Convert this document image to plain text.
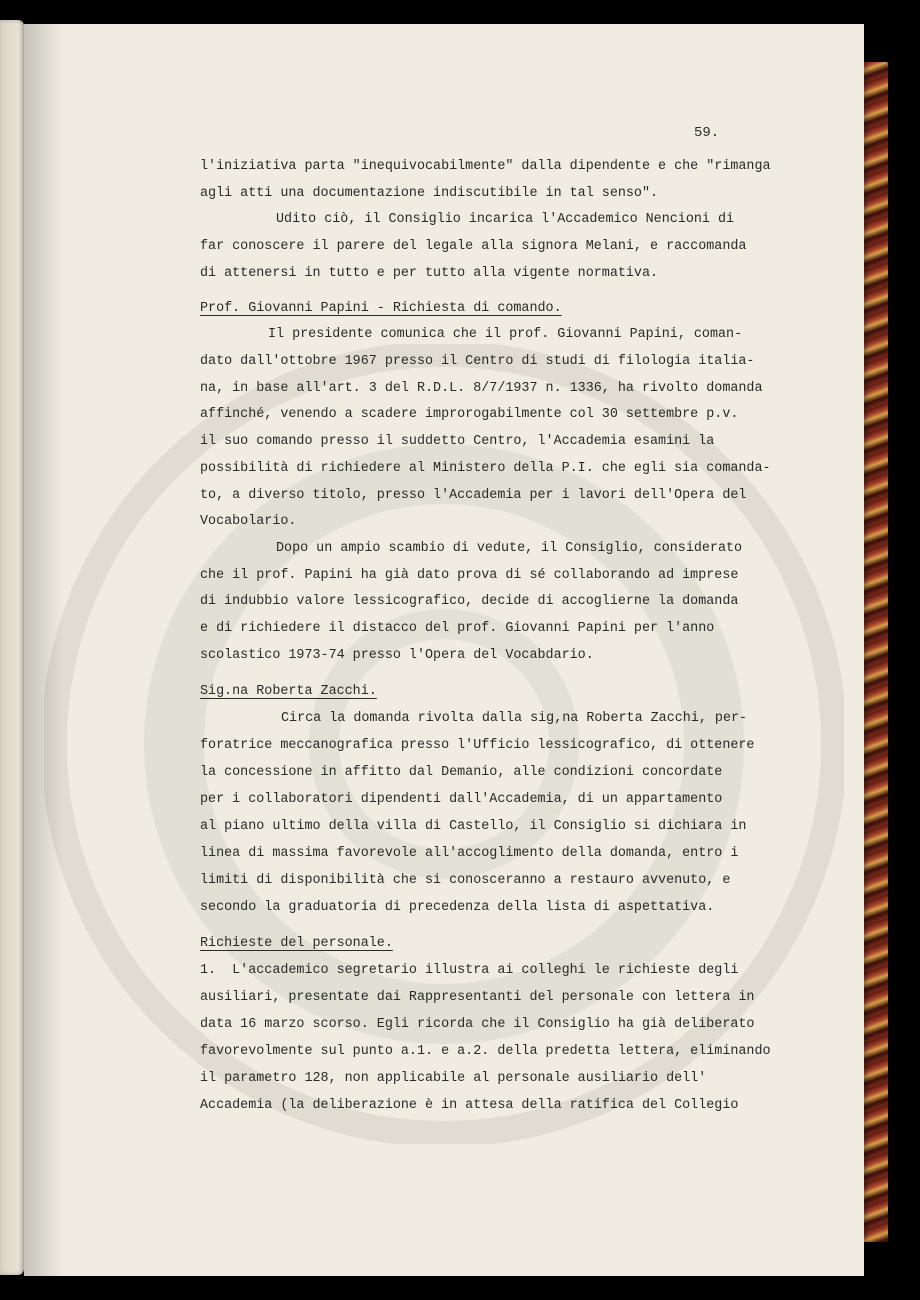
59.
l'iniziativa parta "inequivocabilmente" dalla dipendente e che "rimanga
agli atti una documentazione indiscutibile in tal senso".
Udito ciò, il Consiglio incarica l'Accademico Nencioni di
far conoscere il parere del legale alla signora Melani, e raccomanda
di attenersi in tutto e per tutto alla vigente normativa.
Prof. Giovanni Papini - Richiesta di comando.
Il presidente comunica che il prof. Giovanni Papini, coman-
dato dall'ottobre 1967 presso il Centro di studi di filologia italia-
na, in base all'art. 3 del R.D.L. 8/7/1937 n. 1336, ha rivolto domanda
affinché, venendo a scadere improrogabilmente col 30 settembre p.v.
il suo comando presso il suddetto Centro, l'Accademia esamini la
possibilità di richiedere al Ministero della P.I. che egli sia comanda-
to, a diverso titolo, presso l'Accademia per i lavori dell'Opera del
Vocabolario.
Dopo un ampio scambio di vedute, il Consiglio, considerato
che il prof. Papini ha già dato prova di sé collaborando ad imprese
di indubbio valore lessicografico, decide di accoglierne la domanda
e di richiedere il distacco del prof. Giovanni Papini per l'anno
scolastico 1973-74 presso l'Opera del Vocabdario.
Sig.na Roberta Zacchi.
Circa la domanda rivolta dalla sig,na Roberta Zacchi, per-
foratrice meccanografica presso l'Ufficio lessicografico, di ottenere
la concessione in affitto dal Demanio, alle condizioni concordate
per i collaboratori dipendenti dall'Accademia, di un appartamento
al piano ultimo della villa di Castello, il Consiglio si dichiara in
linea di massima favorevole all'accoglimento della domanda, entro i
limiti di disponibilità che si conosceranno a restauro avvenuto, e
secondo la graduatoria di precedenza della lista di aspettativa.
Richieste del personale.
1.  L'accademico segretario illustra ai colleghi le richieste degli
ausiliari, presentate dai Rappresentanti del personale con lettera in
data 16 marzo scorso. Egli ricorda che il Consiglio ha già deliberato
favorevolmente sul punto a.1. e a.2. della predetta lettera, eliminando
il parametro 128, non applicabile al personale ausiliario dell'
Accademia (la deliberazione è in attesa della ratifica del Collegio
